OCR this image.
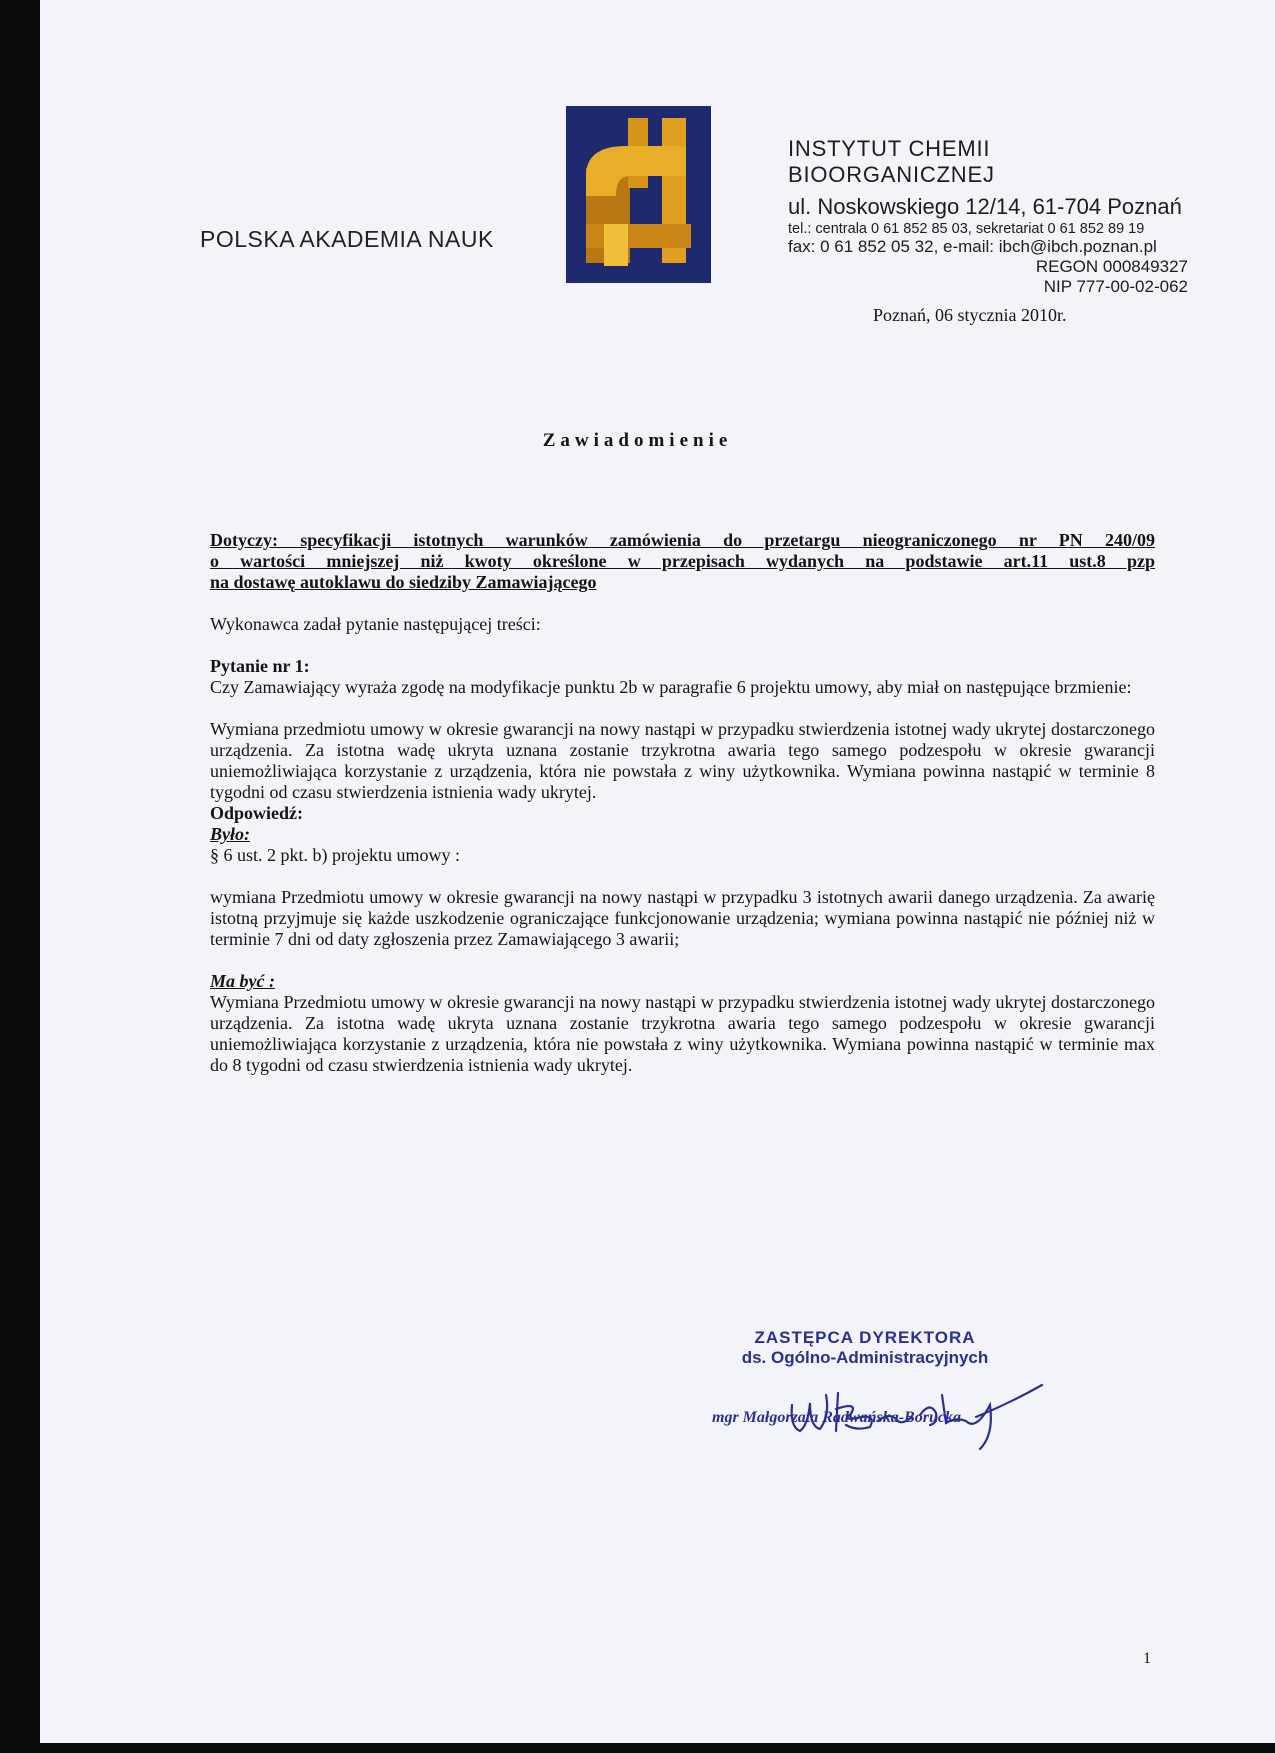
POLSKA AKADEMIA NAUK
INSTYTUT CHEMII BIOORGANICZNEJ
ul. Noskowskiego 12/14, 61-704 Poznań
tel.: centrala 0 61 852 85 03, sekretariat 0 61 852 89 19
fax: 0 61 852 05 32, e-mail: ibch@ibch.poznan.pl
REGON 000849327
NIP 777-00-02-062
Poznań, 06 stycznia 2010r.
Zawiadomienie

Dotyczy: specyfikacji istotnych warunków zamówienia do przetargu nieograniczonego nr PN 240/09

o wartości mniejszej niż kwoty określone w przepisach wydanych na podstawie art.11 ust.8 pzp

na dostawę autoklawu do siedziby Zamawiającego

Wykonawca zadał pytanie następującej treści:

Pytanie nr 1:

Czy Zamawiający wyraża zgodę na modyfikacje punktu 2b w paragrafie 6 projektu umowy, aby miał on następujące brzmienie:

Wymiana przedmiotu umowy w okresie gwarancji na nowy nastąpi w przypadku stwierdzenia istotnej wady ukrytej dostarczonego urządzenia. Za istotna wadę ukryta uznana zostanie trzykrotna awaria tego samego podzespołu w okresie gwarancji uniemożliwiająca korzystanie z urządzenia, która nie powstała z winy użytkownika. Wymiana powinna nastąpić w terminie 8 tygodni od czasu stwierdzenia istnienia wady ukrytej.

Odpowiedź:

Było:

§ 6 ust. 2 pkt. b) projektu umowy :

wymiana Przedmiotu umowy w okresie gwarancji na nowy nastąpi w przypadku 3 istotnych awarii danego urządzenia. Za awarię istotną przyjmuje się każde uszkodzenie ograniczające funkcjonowanie urządzenia; wymiana powinna nastąpić nie później niż w terminie 7 dni od daty zgłoszenia przez Zamawiającego 3 awarii;

Ma być :

Wymiana Przedmiotu umowy w okresie gwarancji na nowy nastąpi w przypadku stwierdzenia istotnej wady ukrytej dostarczonego urządzenia. Za istotna wadę ukryta uznana zostanie trzykrotna awaria tego samego podzespołu w okresie gwarancji uniemożliwiająca korzystanie z urządzenia, która nie powstała z winy użytkownika. Wymiana powinna nastąpić w terminie max do 8 tygodni od czasu stwierdzenia istnienia wady ukrytej.

ZASTĘPCA DYREKTORA
ds. Ogólno-Administracyjnych
mgr Małgorzata Radwańska-Borucka
1
